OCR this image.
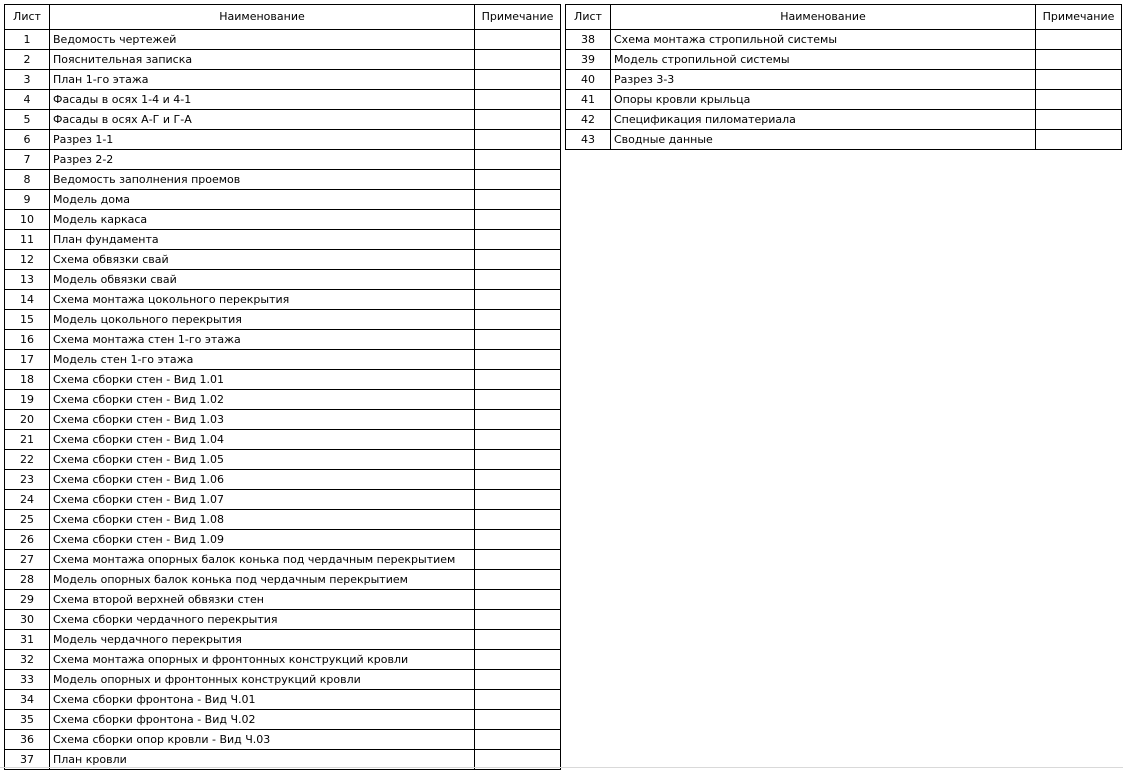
Лист	Наименование	Примечание
1	Ведомость чертежей	
2	Пояснительная записка	
3	План 1-го этажа	
4	Фасады в осях 1-4 и 4-1	
5	Фасады в осях А-Г и Г-А	
6	Разрез 1-1	
7	Разрез 2-2	
8	Ведомость заполнения проемов	
9	Модель дома	
10	Модель каркаса	
11	План фундамента	
12	Схема обвязки свай	
13	Модель обвязки свай	
14	Схема монтажа цокольного перекрытия	
15	Модель цокольного перекрытия	
16	Схема монтажа стен 1-го этажа	
17	Модель стен 1-го этажа	
18	Схема сборки стен - Вид 1.01	
19	Схема сборки стен - Вид 1.02	
20	Схема сборки стен - Вид 1.03	
21	Схема сборки стен - Вид 1.04	
22	Схема сборки стен - Вид 1.05	
23	Схема сборки стен - Вид 1.06	
24	Схема сборки стен - Вид 1.07	
25	Схема сборки стен - Вид 1.08	
26	Схема сборки стен - Вид 1.09	
27	Схема монтажа опорных балок конька под чердачным перекрытием	
28	Модель опорных балок конька под чердачным перекрытием	
29	Схема второй верхней обвязки стен	
30	Схема сборки чердачного перекрытия	
31	Модель чердачного перекрытия	
32	Схема монтажа опорных и фронтонных конструкций кровли	
33	Модель опорных и фронтонных конструкций кровли	
34	Схема сборки фронтона - Вид Ч.01	
35	Схема сборки фронтона - Вид Ч.02	
36	Схема сборки опор кровли - Вид Ч.03	
37	План кровли	
Лист	Наименование	Примечание
38	Схема монтажа стропильной системы	
39	Модель стропильной системы	
40	Разрез 3-3	
41	Опоры кровли крыльца	
42	Спецификация пиломатериала	
43	Сводные данные	
